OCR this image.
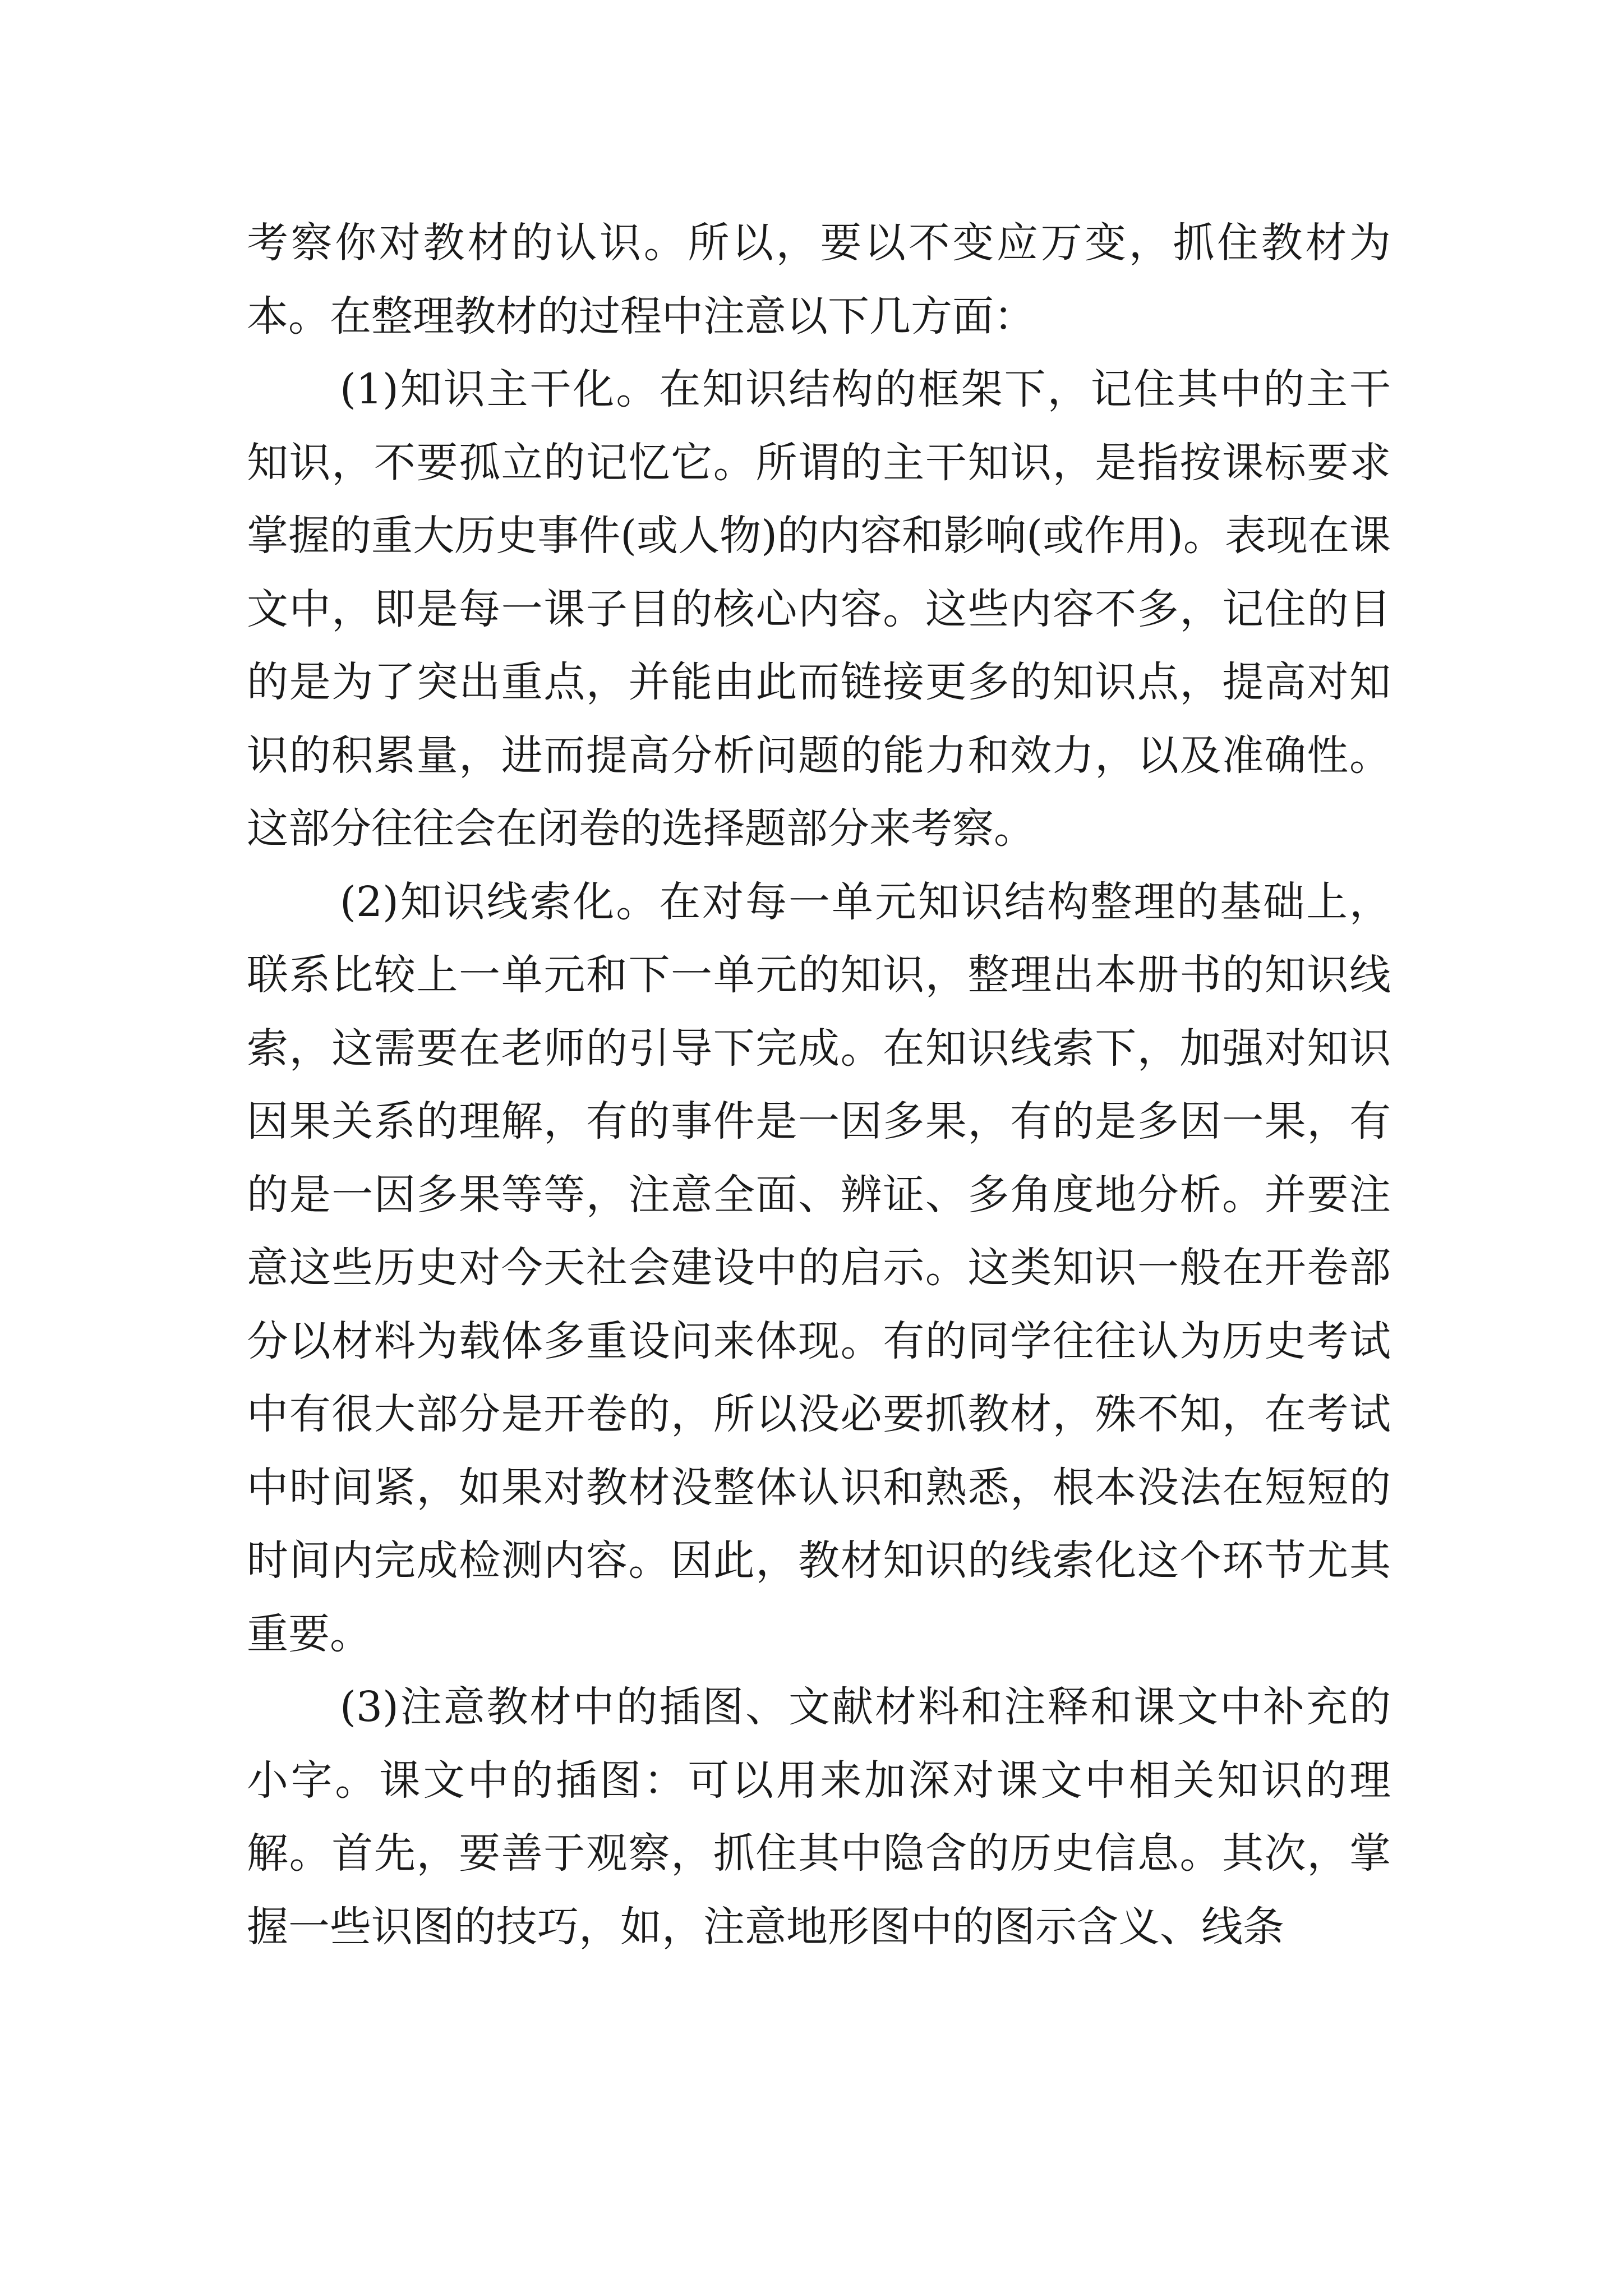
考察你对教材的认识。所以，要以不变应万变，抓住教材为本。在整理教材的过程中注意以下几方面：

(1)知识主干化。在知识结构的框架下，记住其中的主干知识，不要孤立的记忆它。所谓的主干知识，是指按课标要求掌握的重大历史事件(或人物)的内容和影响(或作用)。表现在课文中，即是每一课子目的核心内容。这些内容不多，记住的目的是为了突出重点，并能由此而链接更多的知识点，提高对知识的积累量，进而提高分析问题的能力和效力，以及准确性。这部分往往会在闭卷的选择题部分来考察。

(2)知识线索化。在对每一单元知识结构整理的基础上，联系比较上一单元和下一单元的知识，整理出本册书的知识线索，这需要在老师的引导下完成。在知识线索下，加强对知识因果关系的理解，有的事件是一因多果，有的是多因一果，有的是一因多果等等，注意全面、辨证、多角度地分析。并要注意这些历史对今天社会建设中的启示。这类知识一般在开卷部分以材料为载体多重设问来体现。有的同学往往认为历史考试中有很大部分是开卷的，所以没必要抓教材，殊不知，在考试中时间紧，如果对教材没整体认识和熟悉，根本没法在短短的时间内完成检测内容。因此，教材知识的线索化这个环节尤其重要。

(3)注意教材中的插图、文献材料和注释和课文中补充的小字。课文中的插图：可以用来加深对课文中相关知识的理解。首先，要善于观察，抓住其中隐含的历史信息。其次，掌握一些识图的技巧，如，注意地形图中的图示含义、线条
